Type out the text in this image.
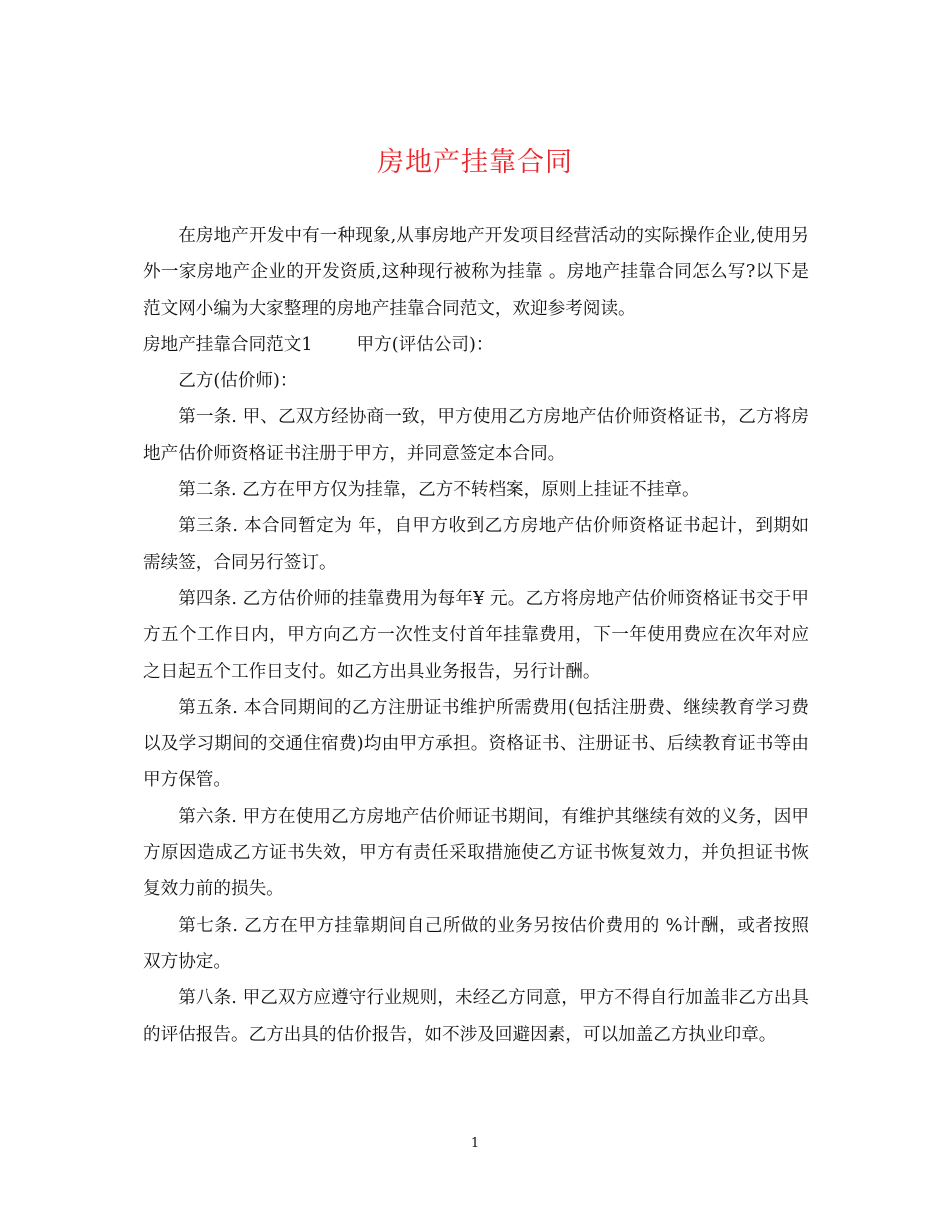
房地产挂靠合同

在房地产开发中有一种现象,从事房地产开发项目经营活动的实际操作企业,使用另外一家房地产企业的开发资质,这种现行被称为挂靠 。房地产挂靠合同怎么写?以下是范文网小编为大家整理的房地产挂靠合同范文，欢迎参考阅读。

房地产挂靠合同范文1	甲方(评估公司)：

乙方(估价师)：

第一条. 甲、乙双方经协商一致，甲方使用乙方房地产估价师资格证书，乙方将房地产估价师资格证书注册于甲方，并同意签定本合同。

第二条. 乙方在甲方仅为挂靠，乙方不转档案，原则上挂证不挂章。

第三条. 本合同暂定为 年，自甲方收到乙方房地产估价师资格证书起计，到期如需续签，合同另行签订。

第四条. 乙方估价师的挂靠费用为每年¥ 元。乙方将房地产估价师资格证书交于甲方五个工作日内，甲方向乙方一次性支付首年挂靠费用，下一年使用费应在次年对应之日起五个工作日支付。如乙方出具业务报告，另行计酬。

第五条. 本合同期间的乙方注册证书维护所需费用(包括注册费、继续教育学习费以及学习期间的交通住宿费)均由甲方承担。资格证书、注册证书、后续教育证书等由甲方保管。

第六条. 甲方在使用乙方房地产估价师证书期间，有维护其继续有效的义务，因甲方原因造成乙方证书失效，甲方有责任采取措施使乙方证书恢复效力，并负担证书恢复效力前的损失。

第七条. 乙方在甲方挂靠期间自己所做的业务另按估价费用的 %计酬，或者按照双方协定。

第八条. 甲乙双方应遵守行业规则，未经乙方同意，甲方不得自行加盖非乙方出具的评估报告。乙方出具的估价报告，如不涉及回避因素，可以加盖乙方执业印章。

1
